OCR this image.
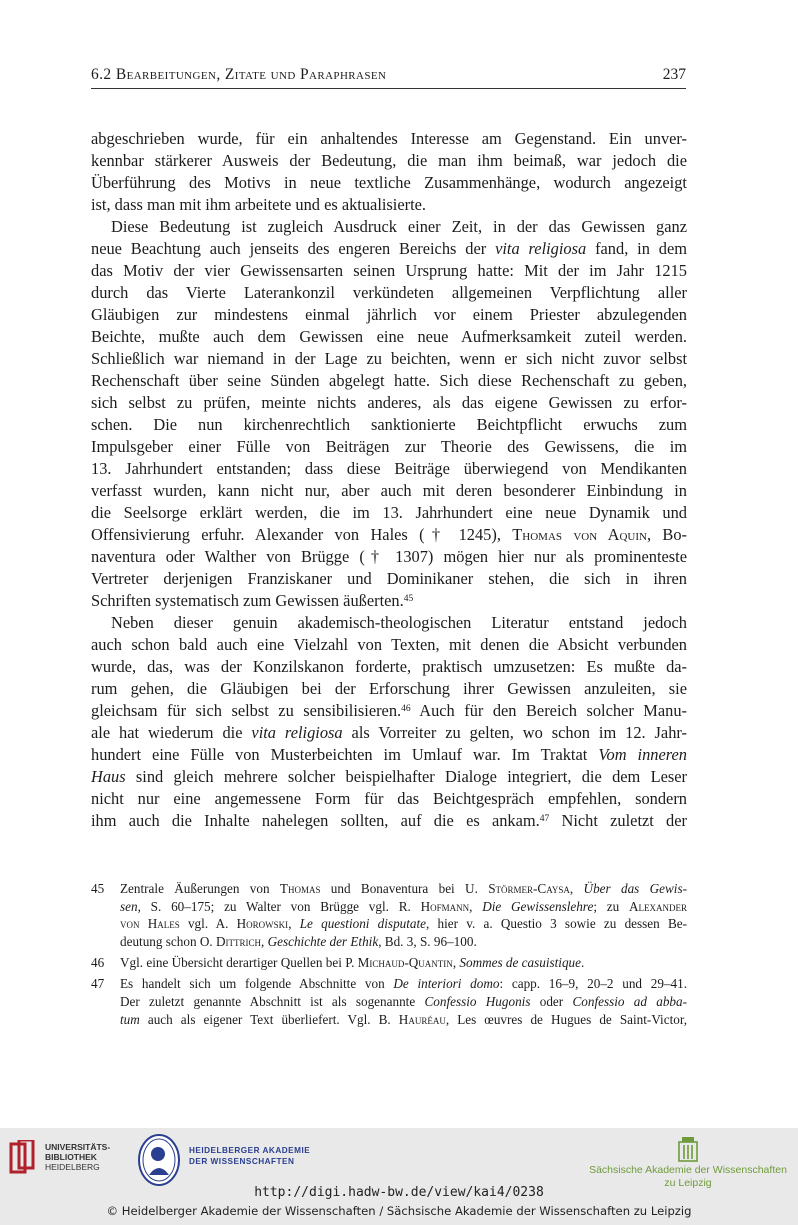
6.2 Bearbeitungen, Zitate und Paraphrasen	237
abgeschrieben wurde, für ein anhaltendes Interesse am Gegenstand. Ein unver-
kennbar stärkerer Ausweis der Bedeutung, die man ihm beimaß, war jedoch die
Überführung des Motivs in neue textliche Zusammenhänge, wodurch angezeigt
ist, dass man mit ihm arbeitete und es aktualisierte.
Diese Bedeutung ist zugleich Ausdruck einer Zeit, in der das Gewissen ganz
neue Beachtung auch jenseits des engeren Bereichs der vita religiosa fand, in dem
das Motiv der vier Gewissensarten seinen Ursprung hatte: Mit der im Jahr 1215
durch das Vierte Laterankonzil verkündeten allgemeinen Verpflichtung aller
Gläubigen zur mindestens einmal jährlich vor einem Priester abzulegenden
Beichte, mußte auch dem Gewissen eine neue Aufmerksamkeit zuteil werden.
Schließlich war niemand in der Lage zu beichten, wenn er sich nicht zuvor selbst
Rechenschaft über seine Sünden abgelegt hatte. Sich diese Rechenschaft zu geben,
sich selbst zu prüfen, meinte nichts anderes, als das eigene Gewissen zu erfor-
schen. Die nun kirchenrechtlich sanktionierte Beichtpflicht erwuchs zum
Impulsgeber einer Fülle von Beiträgen zur Theorie des Gewissens, die im
13. Jahrhundert entstanden; dass diese Beiträge überwiegend von Mendikanten
verfasst wurden, kann nicht nur, aber auch mit deren besonderer Einbindung in
die Seelsorge erklärt werden, die im 13. Jahrhundert eine neue Dynamik und
Offensivierung erfuhr. Alexander von Hales († 1245), Thomas von Aquin, Bo-
naventura oder Walther von Brügge († 1307) mögen hier nur als prominenteste
Vertreter derjenigen Franziskaner und Dominikaner stehen, die sich in ihren
Schriften systematisch zum Gewissen äußerten.$^{45}$
Neben dieser genuin akademisch-theologischen Literatur entstand jedoch
auch schon bald auch eine Vielzahl von Texten, mit denen die Absicht verbunden
wurde, das, was der Konzilskanon forderte, praktisch umzusetzen: Es mußte da-
rum gehen, die Gläubigen bei der Erforschung ihrer Gewissen anzuleiten, sie
gleichsam für sich selbst zu sensibilisieren.$^{46}$ Auch für den Bereich solcher Manu-
ale hat wiederum die vita religiosa als Vorreiter zu gelten, wo schon im 12. Jahr-
hundert eine Fülle von Musterbeichten im Umlauf war. Im Traktat Vom inneren
Haus sind gleich mehrere solcher beispielhafter Dialoge integriert, die dem Leser
nicht nur eine angemessene Form für das Beichtgespräch empfehlen, sondern
ihm auch die Inhalte nahelegen sollten, auf die es ankam.$^{47}$ Nicht zuletzt der
45 Zentrale Äußerungen von Thomas und Bonaventura bei U. Störmer-Caysa, Über das Gewis-
sen, S. 60–175; zu Walter von Brügge vgl. R. Hofmann, Die Gewissenslehre; zu Alexander
von Hales vgl. A. Horowski, Le questioni disputate, hier v. a. Questio 3 sowie zu dessen Be-
deutung schon O. Dittrich, Geschichte der Ethik, Bd. 3, S. 96–100.
46 Vgl. eine Übersicht derartiger Quellen bei P. Michaud-Quantin, Sommes de casuistique.
47 Es handelt sich um folgende Abschnitte von De interiori domo: capp. 16–9, 20–2 und 29–41.
Der zuletzt genannte Abschnitt ist als sogenannte Confessio Hugonis oder Confessio ad abba-
tum auch als eigener Text überliefert. Vgl. B. Hauréau, Les œuvres de Hugues de Saint-Victor,
UNIVERSITÄTS-
BIBLIOTHEK
HEIDELBERG
HEIDELBERGER AKADEMIE
DER WISSENSCHAFTEN
Sächsische Akademie der Wissenschaften
zu Leipzig
http://digi.hadw-bw.de/view/kai4/0238
© Heidelberger Akademie der Wissenschaften / Sächsische Akademie der Wissenschaften zu Leipzig
